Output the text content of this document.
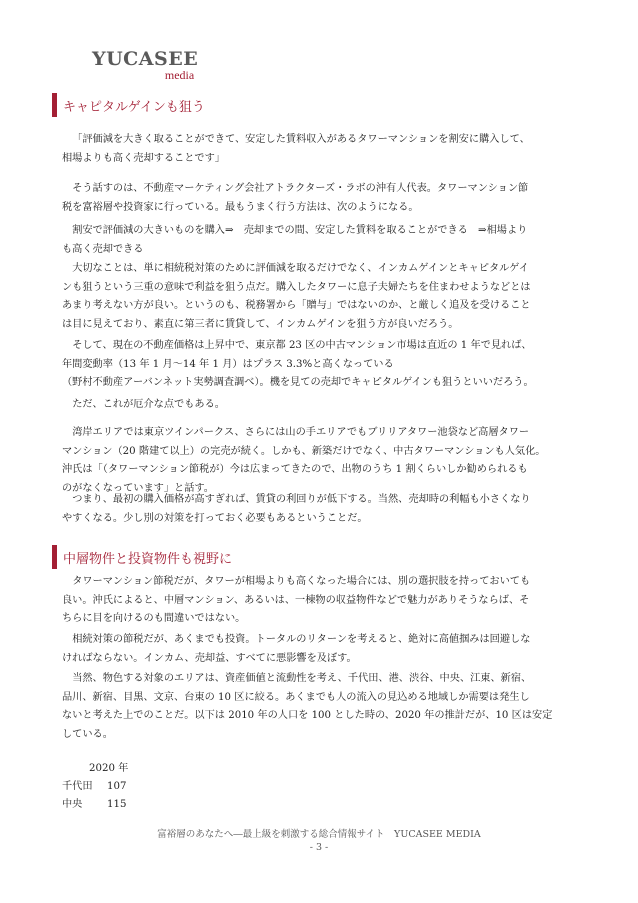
YUCASEE
media
キャピタルゲインも狙う
「評価減を大きく取ることができて、安定した賃料収入があるタワーマンションを割安に購入して、
相場よりも高く売却することです」
そう話すのは、不動産マーケティング会社アトラクターズ・ラボの沖有人代表。タワーマンション節
税を富裕層や投資家に行っている。最もうまく行う方法は、次のようになる。
割安で評価減の大きいものを購入⇒　売却までの間、安定した賃料を取ることができる　⇒相場より
も高く売却できる
大切なことは、単に相続税対策のために評価減を取るだけでなく、インカムゲインとキャピタルゲイ
ンも狙うという三重の意味で利益を狙う点だ。購入したタワーに息子夫婦たちを住まわせようなどとは
あまり考えない方が良い。というのも、税務署から「贈与」ではないのか、と厳しく追及を受けること
は目に見えており、素直に第三者に賃貸して、インカムゲインを狙う方が良いだろう。
そして、現在の不動産価格は上昇中で、東京都 23 区の中古マンション市場は直近の 1 年で見れば、
年間変動率（13 年 1 月～14 年 1 月）はプラス 3.3%と高くなっている
（野村不動産アーバンネット実勢調査調べ）。機を見ての売却でキャピタルゲインも狙うといいだろう。
ただ、これが厄介な点でもある。
湾岸エリアでは東京ツインパークス、さらには山の手エリアでもブリリアタワー池袋など高層タワー
マンション（20 階建て以上）の完売が続く。しかも、新築だけでなく、中古タワーマンションも人気化。
沖氏は「（タワーマンション節税が）今は広まってきたので、出物のうち 1 割くらいしか勧められるも
のがなくなっています」と話す。
つまり、最初の購入価格が高すぎれば、賃貸の利回りが低下する。当然、売却時の利幅も小さくなり
やすくなる。少し別の対策を打っておく必要もあるということだ。
中層物件と投資物件も視野に
タワーマンション節税だが、タワーが相場よりも高くなった場合には、別の選択肢を持っておいても
良い。沖氏によると、中層マンション、あるいは、一棟物の収益物件などで魅力がありそうならば、そ
ちらに目を向けるのも間違いではない。
相続対策の節税だが、あくまでも投資。トータルのリターンを考えると、絶対に高値掴みは回避しな
ければならない。インカム、売却益、すべてに悪影響を及ぼす。
当然、物色する対象のエリアは、資産価値と流動性を考え、千代田、港、渋谷、中央、江東、新宿、
品川、新宿、目黒、文京、台東の 10 区に絞る。あくまでも人の流入の見込める地域しか需要は発生し
ないと考えた上でのことだ。以下は 2010 年の人口を 100 とした時の、2020 年の推計だが、10 区は安定
している。
2020 年
千代田	107
中央	115
富裕層のあなたへ―最上級を刺激する総合情報サイト　YUCASEE MEDIA
- 3 -
